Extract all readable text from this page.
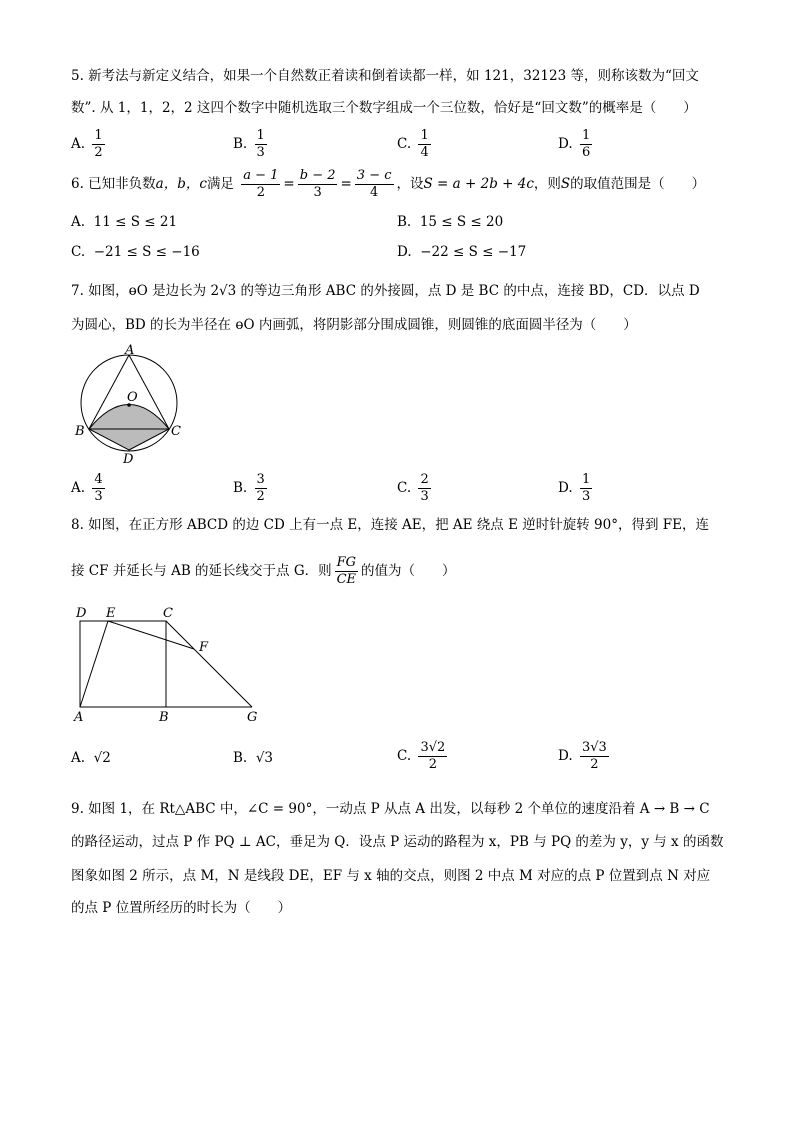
5. 新考法与新定义结合，如果一个自然数正着读和倒着读都一样，如 121，32123 等，则称该数为“回文
数”. 从 1，1，2，2 这四个数字中随机选取三个数字组成一个三位数，恰好是“回文数”的概率是（　　）
A. $\frac{1}{2}$	B. $\frac{1}{3}$	C. $\frac{1}{4}$	D. $\frac{1}{6}$
6. 已知非负数a，b，c满足 $\frac{a - 1}{2} = \frac{b - 2}{3} = \frac{3 - c}{4}$ ，设S = a + 2b + 4c，则S的取值范围是（　　）
A. 11 ≤ S ≤ 21	B. 15 ≤ S ≤ 20
C. −21 ≤ S ≤ −16	D. −22 ≤ S ≤ −17
7. 如图，ɵO 是边长为 2√3 的等边三角形 ABC 的外接圆，点 D 是 BC 的中点，连接 BD，CD．以点 D
为圆心，BD 的长为半径在 ɵO 内画弧，将阴影部分围成圆锥，则圆锥的底面圆半径为（　　）
A
O
B	C
D
A. $\frac{4}{3}$	B. $\frac{3}{2}$	C. $\frac{2}{3}$	D. $\frac{1}{3}$
8. 如图，在正方形 ABCD 的边 CD 上有一点 E，连接 AE，把 AE 绕点 E 逆时针旋转 90°，得到 FE，连
接 CF 并延长与 AB 的延长线交于点 G．则 $\frac{FG}{CE}$ 的值为（　　）
D E	C
F
A	B	G
A. √2	B. √3	C. $\frac{3√2}{2}$	D. $\frac{3√3}{2}$
9. 如图 1，在 Rt△ABC 中，∠C = 90°，一动点 P 从点 A 出发，以每秒 2 个单位的速度沿着 A → B → C
的路径运动，过点 P 作 PQ ⊥ AC，垂足为 Q．设点 P 运动的路程为 x，PB 与 PQ 的差为 y，y 与 x 的函数
图象如图 2 所示，点 M，N 是线段 DE，EF 与 x 轴的交点，则图 2 中点 M 对应的点 P 位置到点 N 对应
的点 P 位置所经历的时长为（　　）
